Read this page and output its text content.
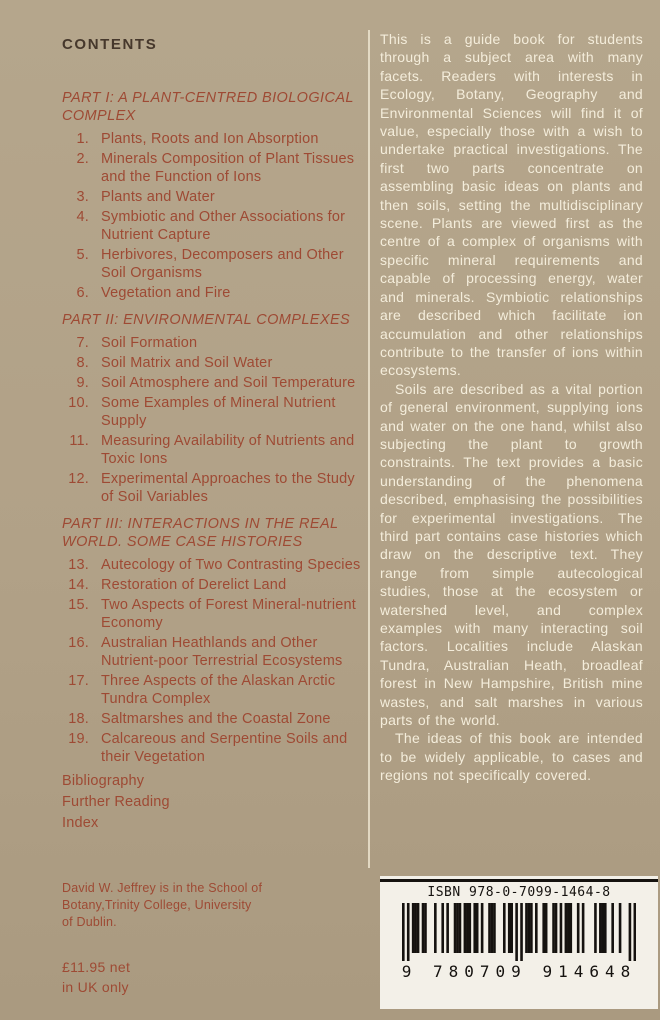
CONTENTS
PART I: A PLANT-CENTRED BIOLOGICAL COMPLEX
1. Plants, Roots and Ion Absorption
2. Minerals Composition of Plant Tissues and the Function of Ions
3. Plants and Water
4. Symbiotic and Other Associations for Nutrient Capture
5. Herbivores, Decomposers and Other Soil Organisms
6. Vegetation and Fire
PART II: ENVIRONMENTAL COMPLEXES
7. Soil Formation
8. Soil Matrix and Soil Water
9. Soil Atmosphere and Soil Temperature
10. Some Examples of Mineral Nutrient Supply
11. Measuring Availability of Nutrients and Toxic Ions
12. Experimental Approaches to the Study of Soil Variables
PART III: INTERACTIONS IN THE REAL WORLD. SOME CASE HISTORIES
13. Autecology of Two Contrasting Species
14. Restoration of Derelict Land
15. Two Aspects of Forest Mineral-nutrient Economy
16. Australian Heathlands and Other Nutrient-poor Terrestrial Ecosystems
17. Three Aspects of the Alaskan Arctic Tundra Complex
18. Saltmarshes and the Coastal Zone
19. Calcareous and Serpentine Soils and their Vegetation
Bibliography
Further Reading
Index

This is a guide book for students through a subject area with many facets. Readers with interests in Ecology, Botany, Geography and Environmental Sciences will find it of value, especially those with a wish to undertake practical investigations. The first two parts concentrate on assembling basic ideas on plants and then soils, setting the multidisciplinary scene. Plants are viewed first as the centre of a complex of organisms with specific mineral requirements and capable of processing energy, water and minerals. Symbiotic relationships are described which facilitate ion accumulation and other relationships contribute to the transfer of ions within ecosystems.

Soils are described as a vital portion of general environment, supplying ions and water on the one hand, whilst also subjecting the plant to growth constraints. The text provides a basic understanding of the phenomena described, emphasising the possibilities for experimental investigations. The third part contains case histories which draw on the descriptive text. They range from simple autecological studies, those at the ecosystem or watershed level, and complex examples with many interacting soil factors. Localities include Alaskan Tundra, Australian Heath, broadleaf forest in New Hampshire, British mine wastes, and salt marshes in various parts of the world.

The ideas of this book are intended to be widely applicable, to cases and regions not specifically covered.

David W. Jeffrey is in the School of
Botany,Trinity College, University
of Dublin.
£11.95 net
in UK only
ISBN 978-0-7099-1464-8
9 780709 914648
